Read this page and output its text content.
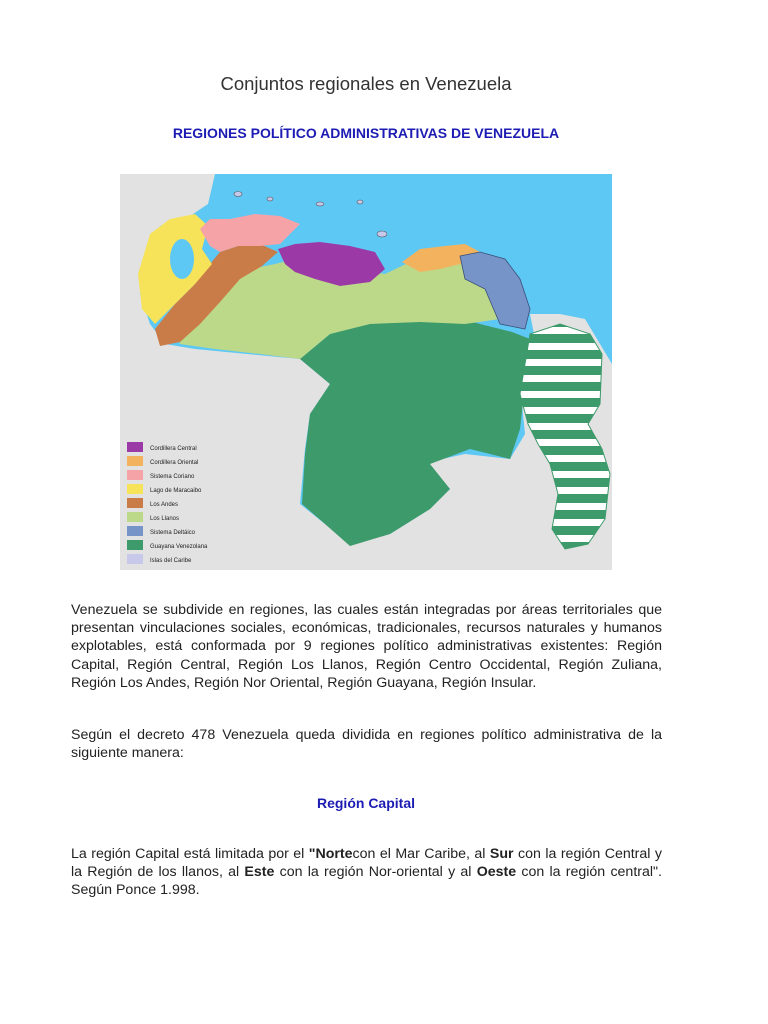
Conjuntos regionales en Venezuela
REGIONES POLÍTICO ADMINISTRATIVAS DE VENEZUELA
Cordillera Central
Cordillera Oriental
Sistema Coriano
Lago de Maracaibo
Los Andes
Los Llanos
Sistema Deltáico
Guayana Venezolana
Islas del Caribe

Venezuela se subdivide en regiones, las cuales están integradas por áreas territoriales que presentan vinculaciones sociales, económicas, tradicionales, recursos naturales y humanos explotables, está conformada por 9 regiones político administrativas existentes: Región Capital, Región Central, Región Los Llanos, Región Centro Occidental, Región Zuliana, Región Los Andes, Región Nor Oriental, Región Guayana, Región Insular.

Según el decreto 478 Venezuela queda dividida en regiones político administrativa de la siguiente manera:

Región Capital

La región Capital está limitada por el "Nortecon el Mar Caribe, al Sur con la región Central y la Región de los llanos, al Este con la región Nor-oriental y al Oeste con la región central". Según Ponce 1.998.
